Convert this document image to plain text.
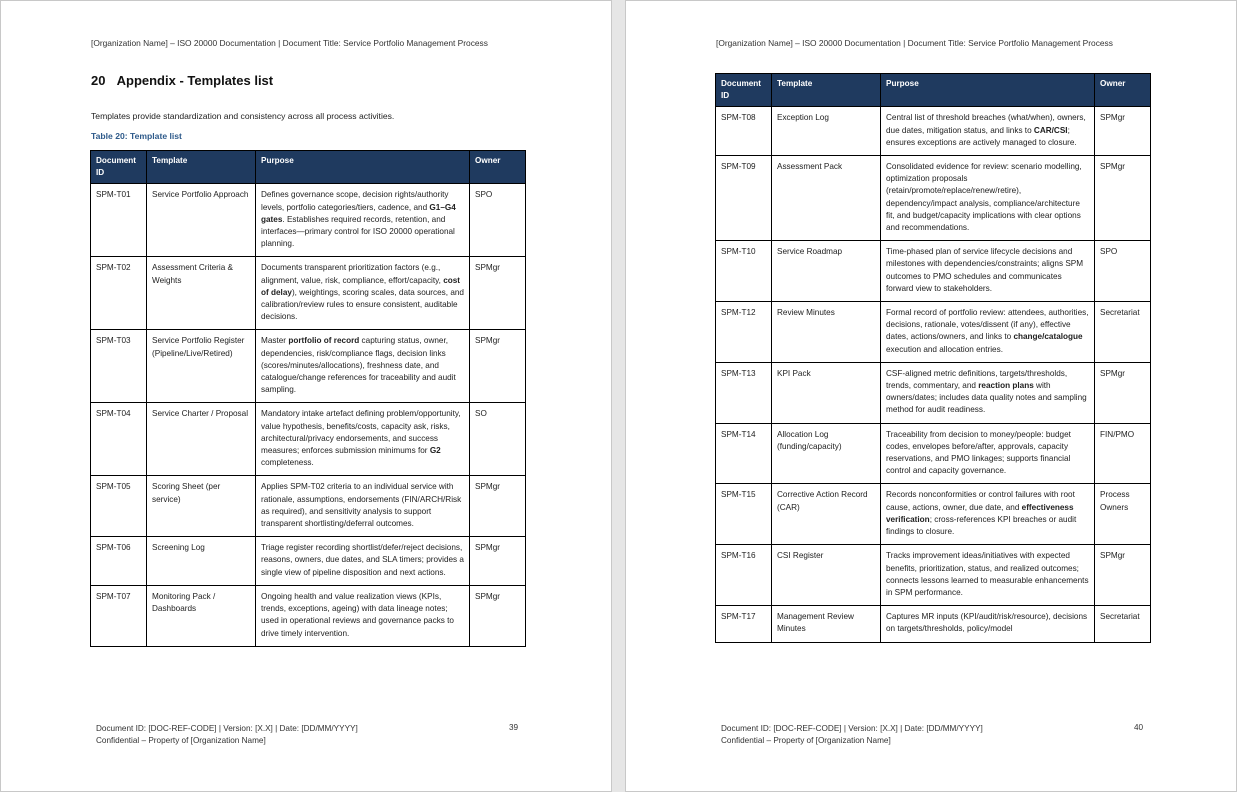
[Organization Name] – ISO 20000 Documentation | Document Title: Service Portfolio Management Process
20 Appendix - Templates list
Templates provide standardization and consistency across all process activities.
Table 20: Template list
Document ID	Template	Purpose	Owner
SPM-T01	Service Portfolio Approach	Defines governance scope, decision rights/authority levels, portfolio categories/tiers, cadence, and G1–G4 gates. Establishes required records, retention, and interfaces—primary control for ISO 20000 operational planning.	SPO
SPM-T02	Assessment Criteria & Weights	Documents transparent prioritization factors (e.g., alignment, value, risk, compliance, effort/capacity, cost of delay), weightings, scoring scales, data sources, and calibration/review rules to ensure consistent, auditable decisions.	SPMgr
SPM-T03	Service Portfolio Register (Pipeline/Live/Retired)	Master portfolio of record capturing status, owner, dependencies, risk/compliance flags, decision links (scores/minutes/allocations), freshness date, and catalogue/change references for traceability and audit sampling.	SPMgr
SPM-T04	Service Charter / Proposal	Mandatory intake artefact defining problem/opportunity, value hypothesis, benefits/costs, capacity ask, risks, architectural/privacy endorsements, and success measures; enforces submission minimums for G2 completeness.	SO
SPM-T05	Scoring Sheet (per service)	Applies SPM-T02 criteria to an individual service with rationale, assumptions, endorsements (FIN/ARCH/Risk as required), and sensitivity analysis to support transparent shortlisting/deferral outcomes.	SPMgr
SPM-T06	Screening Log	Triage register recording shortlist/defer/reject decisions, reasons, owners, due dates, and SLA timers; provides a single view of pipeline disposition and next actions.	SPMgr
SPM-T07	Monitoring Pack / Dashboards	Ongoing health and value realization views (KPIs, trends, exceptions, ageing) with data lineage notes; used in operational reviews and governance packs to drive timely intervention.	SPMgr
Document ID: [DOC-REF-CODE] | Version: [X.X] | Date: [DD/MM/YYYY]
Confidential – Property of [Organization Name]
39
[Organization Name] – ISO 20000 Documentation | Document Title: Service Portfolio Management Process
Document ID	Template	Purpose	Owner
SPM-T08	Exception Log	Central list of threshold breaches (what/when), owners, due dates, mitigation status, and links to CAR/CSI; ensures exceptions are actively managed to closure.	SPMgr
SPM-T09	Assessment Pack	Consolidated evidence for review: scenario modelling, optimization proposals (retain/promote/replace/renew/retire), dependency/impact analysis, compliance/architecture fit, and budget/capacity implications with clear options and recommendations.	SPMgr
SPM-T10	Service Roadmap	Time-phased plan of service lifecycle decisions and milestones with dependencies/constraints; aligns SPM outcomes to PMO schedules and communicates forward view to stakeholders.	SPO
SPM-T12	Review Minutes	Formal record of portfolio review: attendees, authorities, decisions, rationale, votes/dissent (if any), effective dates, actions/owners, and links to change/catalogue execution and allocation entries.	Secretariat
SPM-T13	KPI Pack	CSF-aligned metric definitions, targets/thresholds, trends, commentary, and reaction plans with owners/dates; includes data quality notes and sampling method for audit readiness.	SPMgr
SPM-T14	Allocation Log (funding/capacity)	Traceability from decision to money/people: budget codes, envelopes before/after, approvals, capacity reservations, and PMO linkages; supports financial control and capacity governance.	FIN/PMO
SPM-T15	Corrective Action Record (CAR)	Records nonconformities or control failures with root cause, actions, owner, due date, and effectiveness verification; cross-references KPI breaches or audit findings to closure.	Process Owners
SPM-T16	CSI Register	Tracks improvement ideas/initiatives with expected benefits, prioritization, status, and realized outcomes; connects lessons learned to measurable enhancements in SPM performance.	SPMgr
SPM-T17	Management Review Minutes	Captures MR inputs (KPI/audit/risk/resource), decisions on targets/thresholds, policy/model	Secretariat
Document ID: [DOC-REF-CODE] | Version: [X.X] | Date: [DD/MM/YYYY]
Confidential – Property of [Organization Name]
40
